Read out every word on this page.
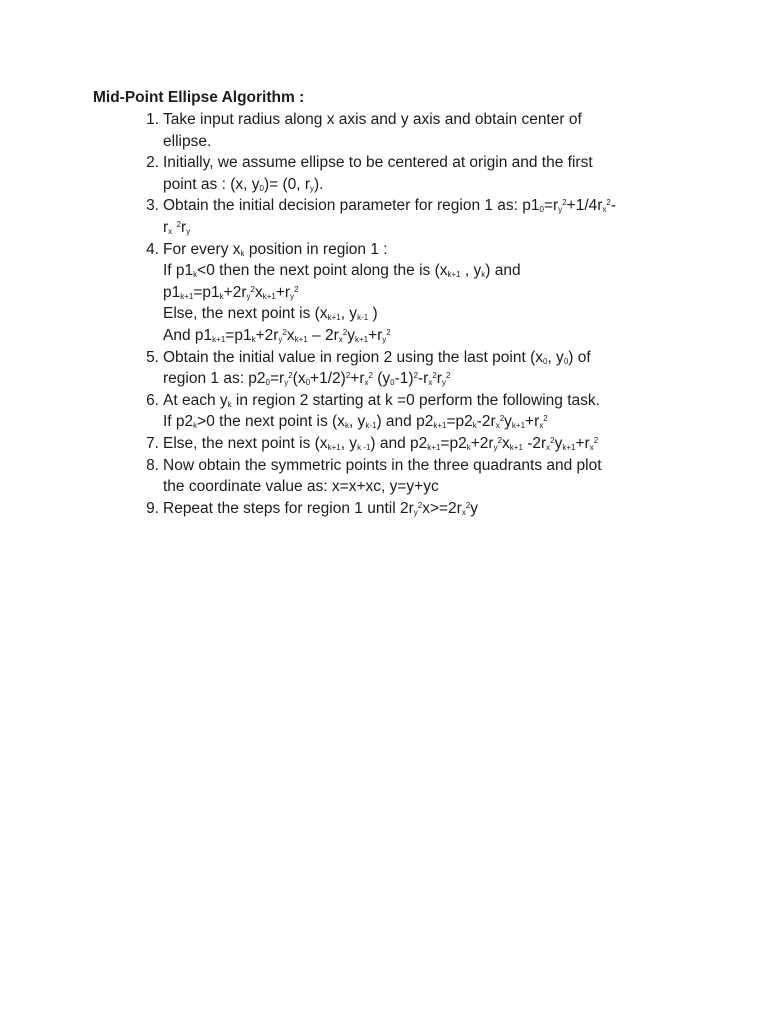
Mid-Point Ellipse Algorithm :
1. Take input radius along x axis and y axis and obtain center of
ellipse.
2. Initially, we assume ellipse to be centered at origin and the first
point as : (x, $y_0)= (0$, $r_y$).
3. Obtain the initial decision parameter for region 1 as: $p1_0=r_y^2+1/4r_x^2-$
$r_x$ $^2r_y$
4. For every $x_k$ position in region 1 :
If $p1_k<0$ then the next point along the is ($x_{k+1}$ , $y_k$) and
$p1_{k+1}=p1_k+2r_y^2x_{k+1}+r_y^2$
Else, the next point is ($x_{k+1}$, $y_{k-1}$ )
And $p1_{k+1}=p1_k+2r_y^2x_{k+1} - 2r_x^2y_{k+1}+r_y^2$
5. Obtain the initial value in region 2 using the last point ($x_0$, $y_0$) of
region 1 as: $p2_0=r_y^2(x_0+1/2)^2+r_x^2$ $(y_0-1)^2-r_x^2r_y^2$
6. At each $y_k$ in region 2 starting at k =0 perform the following task.
If $p2_k>0$ the next point is ($x_k$, $y_{k-1}$) and $p2_{k+1}=p2_k-2r_x^2y_{k+1}+r_x^2$
7. Else, the next point is ($x_{k+1}$, $y_{k -1}$) and $p2_{k+1}=p2_k+2r_y^2x_{k+1}$ $-2r_x^2y_{k+1}+r_x^2$
8. Now obtain the symmetric points in the three quadrants and plot
the coordinate value as: x=x+xc, y=y+yc
9. Repeat the steps for region 1 until $2r_y^2x>=2r_x^2y$
